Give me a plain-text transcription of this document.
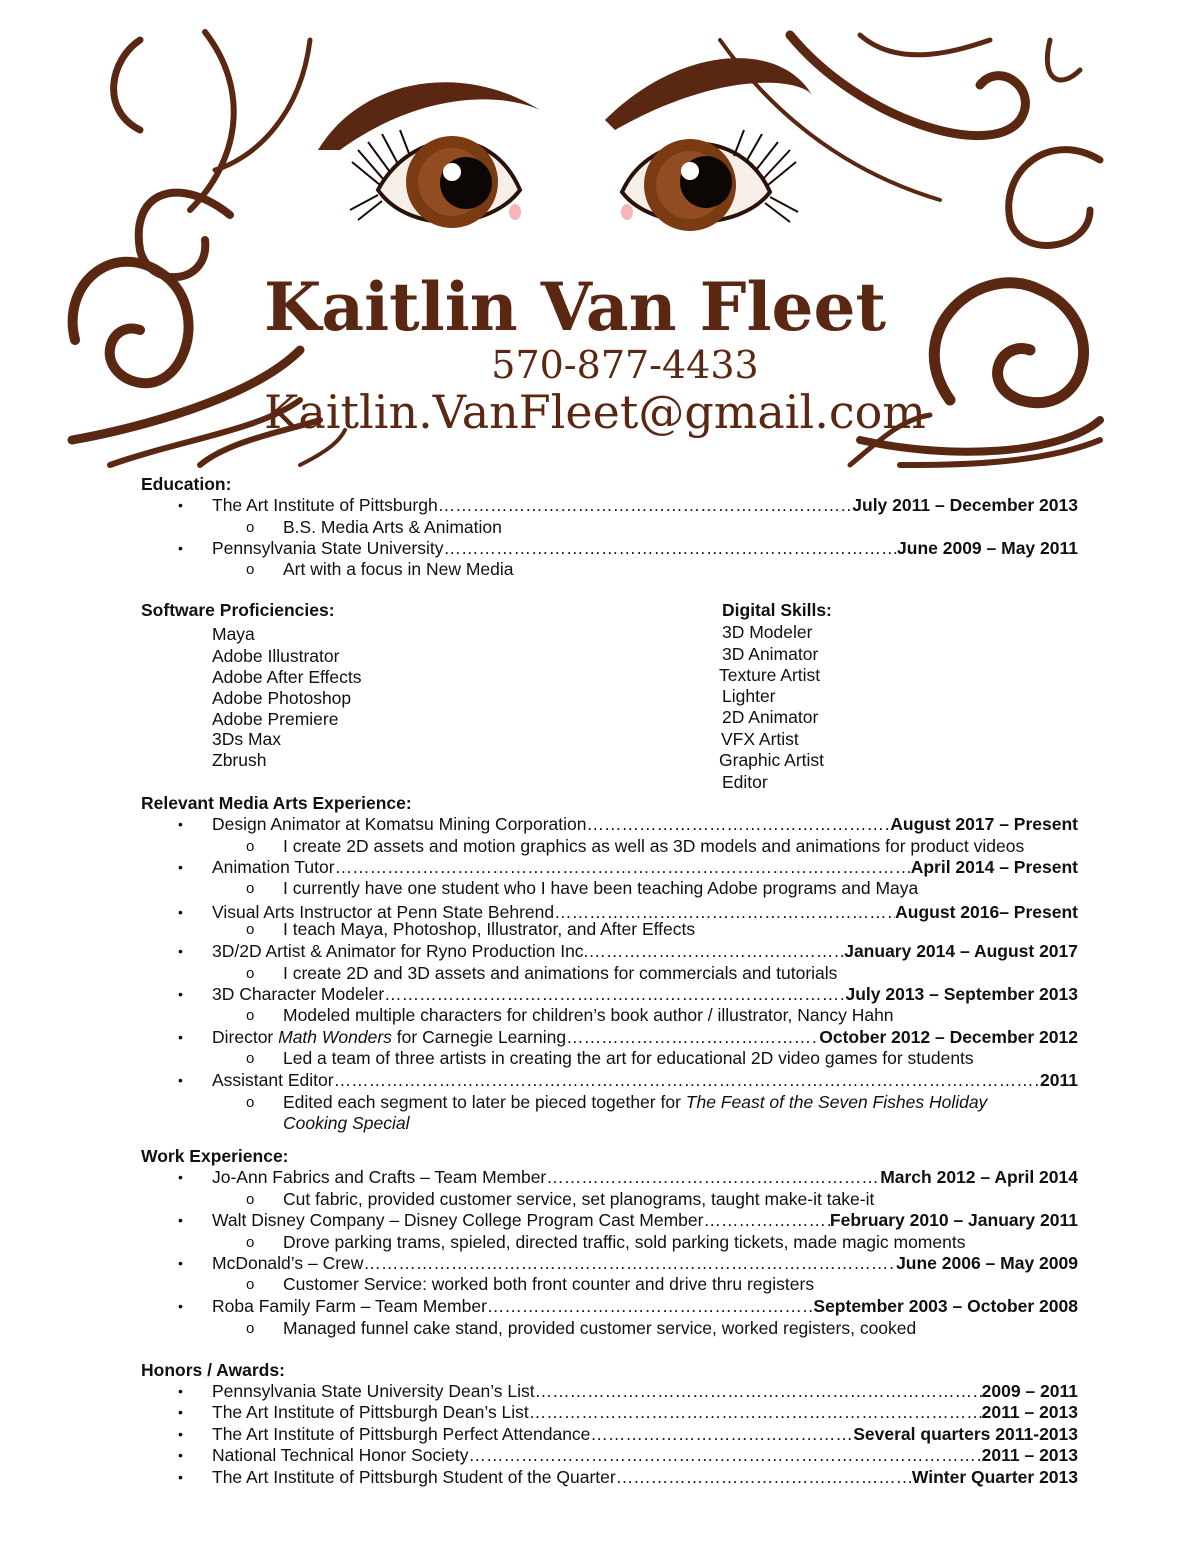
Kaitlin Van Fleet
570-877-4433
Kaitlin.VanFleet@gmail.com
Education:
• The Art Institute of Pittsburgh ……………………………………………………………………………………………………………………………………………………	July 2011 – December 2013
o B.S. Media Arts & Animation
• Pennsylvania State University ……………………………………………………………………………………………………………………………………………………	June 2009 – May 2011
o Art with a focus in New Media
Software Proficiencies:
Maya
Adobe Illustrator
Adobe After Effects
Adobe Photoshop
Adobe Premiere
3Ds Max
Zbrush
Digital Skills:
3D Modeler
3D Animator
Texture Artist
Lighter
2D Animator
VFX Artist
Graphic Artist
Editor
Relevant Media Arts Experience:
• Design Animator at Komatsu Mining Corporation ……………………………………………………………………………………………………………………………………………………	August 2017 – Present
o I create 2D assets and motion graphics as well as 3D models and animations for product videos
• Animation Tutor ……………………………………………………………………………………………………………………………………………………	April 2014 – Present
o I currently have one student who I have been teaching Adobe programs and Maya
• Visual Arts Instructor at Penn State Behrend ……………………………………………………………………………………………………………………………………………………	August 2016– Present
o I teach Maya, Photoshop, Illustrator, and After Effects
• 3D/2D Artist & Animator for Ryno Production Inc. ……………………………………………………………………………………………………………………………………………………	January 2014 – August 2017
o I create 2D and 3D assets and animations for commercials and tutorials
• 3D Character Modeler ……………………………………………………………………………………………………………………………………………………	July 2013 – September 2013
o Modeled multiple characters for children’s book author / illustrator, Nancy Hahn
• Director Math Wonders for Carnegie Learning ……………………………………………………………………………………………………………………………………………………	October 2012 – December 2012
o Led a team of three artists in creating the art for educational 2D video games for students
• Assistant Editor ……………………………………………………………………………………………………………………………………………………	2011
o Edited each segment to later be pieced together for The Feast of the Seven Fishes Holiday
Cooking Special
Work Experience:
• Jo-Ann Fabrics and Crafts – Team Member ……………………………………………………………………………………………………………………………………………………	March 2012 – April 2014
o Cut fabric, provided customer service, set planograms, taught make-it take-it
• Walt Disney Company – Disney College Program Cast Member ……………………………………………………………………………………………………………………………………………………	February 2010 – January 2011
o Drove parking trams, spieled, directed traffic, sold parking tickets, made magic moments
• McDonald’s – Crew ……………………………………………………………………………………………………………………………………………………	June 2006 – May 2009
o Customer Service: worked both front counter and drive thru registers
• Roba Family Farm – Team Member ……………………………………………………………………………………………………………………………………………………	September 2003 – October 2008
o Managed funnel cake stand, provided customer service, worked registers, cooked
Honors / Awards:
• Pennsylvania State University Dean’s List ……………………………………………………………………………………………………………………………………………………	2009 – 2011
• The Art Institute of Pittsburgh Dean’s List ……………………………………………………………………………………………………………………………………………………	2011 – 2013
• The Art Institute of Pittsburgh Perfect Attendance ……………………………………………………………………………………………………………………………………………………	Several quarters 2011-2013
• National Technical Honor Society ……………………………………………………………………………………………………………………………………………………	2011 – 2013
• The Art Institute of Pittsburgh Student of the Quarter ……………………………………………………………………………………………………………………………………………………	Winter Quarter 2013
